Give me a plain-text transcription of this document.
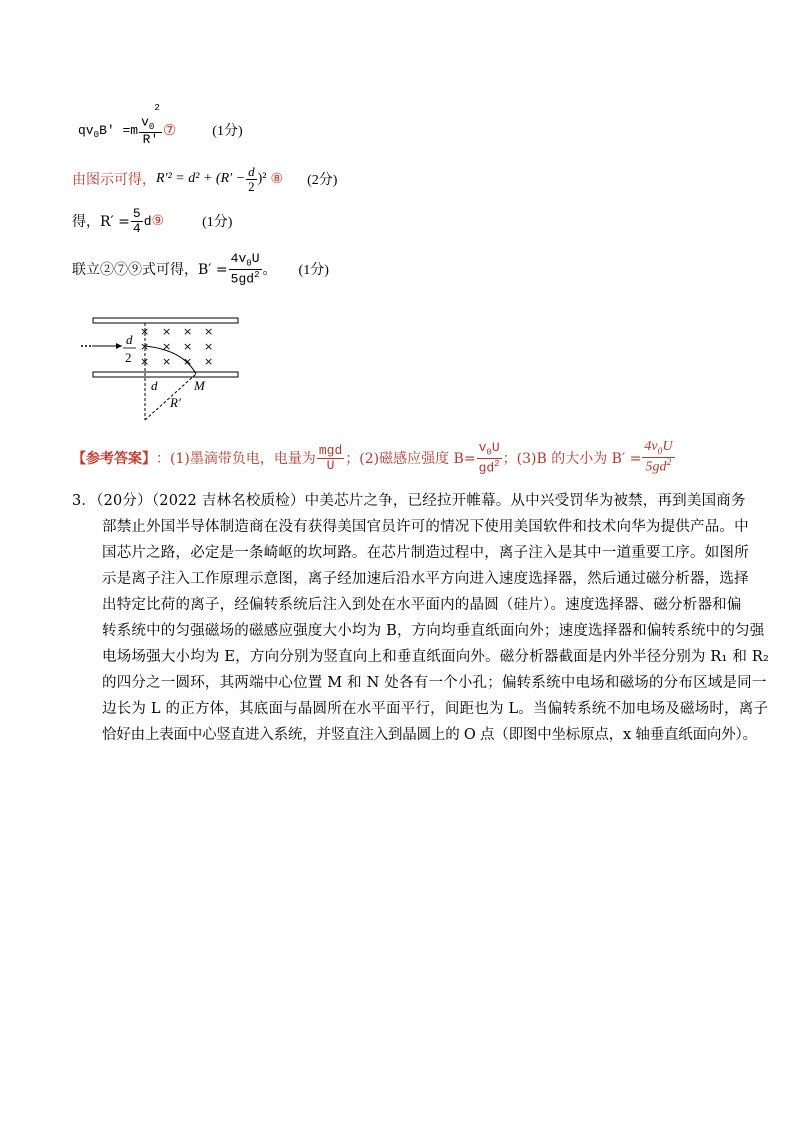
$qv_0$ $B' =m \frac{v_0^2}{R'}$ ⑦	(1分)
由图示可得， $R'^2 = d^2 + (R' - \frac{d}{2} )^2$ ⑧ (2分)
得，$R' = \frac{5}{4}$ d ⑨	(1分)
联立②⑦⑨式可得，$B' = \frac{4v_0U}{5gd^2}$ 。 (1分)
× × × ×
× × × ×
× × × ×
d
2
d	M
R′
【参考答案】 ：(1)墨滴带负电，电量为 $\frac{\text{mgd}}{U}$ ；(2)磁感应强度 $B= \frac{v_0U}{gd^2}$ ；(3)B 的大小为 $B' = \frac{4v_0U}{5gd^2}$
3．（20分）（2022 吉林名校质检）中美芯片之争，已经拉开帷幕。从中兴受罚华为被禁，再到美国商务
部禁止外国半导体制造商在没有获得美国官员许可的情况下使用美国软件和技术向华为提供产品。中
国芯片之路，必定是一条崎岖的坎坷路。在芯片制造过程中，离子注入是其中一道重要工序。如图所
示是离子注入工作原理示意图，离子经加速后沿水平方向进入速度选择器，然后通过磁分析器，选择
出特定比荷的离子，经偏转系统后注入到处在水平面内的晶圆（硅片）。速度选择器、磁分析器和偏
转系统中的匀强磁场的磁感应强度大小均为 B，方向均垂直纸面向外；速度选择器和偏转系统中的匀强
电场场强大小均为 E，方向分别为竖直向上和垂直纸面向外。磁分析器截面是内外半径分别为 R₁ 和 R₂
的四分之一圆环，其两端中心位置 M 和 N 处各有一个小孔；偏转系统中电场和磁场的分布区域是同一
边长为 L 的正方体，其底面与晶圆所在水平面平行，间距也为 L。当偏转系统不加电场及磁场时，离子
恰好由上表面中心竖直进入系统，并竖直注入到晶圆上的 O 点（即图中坐标原点，x 轴垂直纸面向外）。
